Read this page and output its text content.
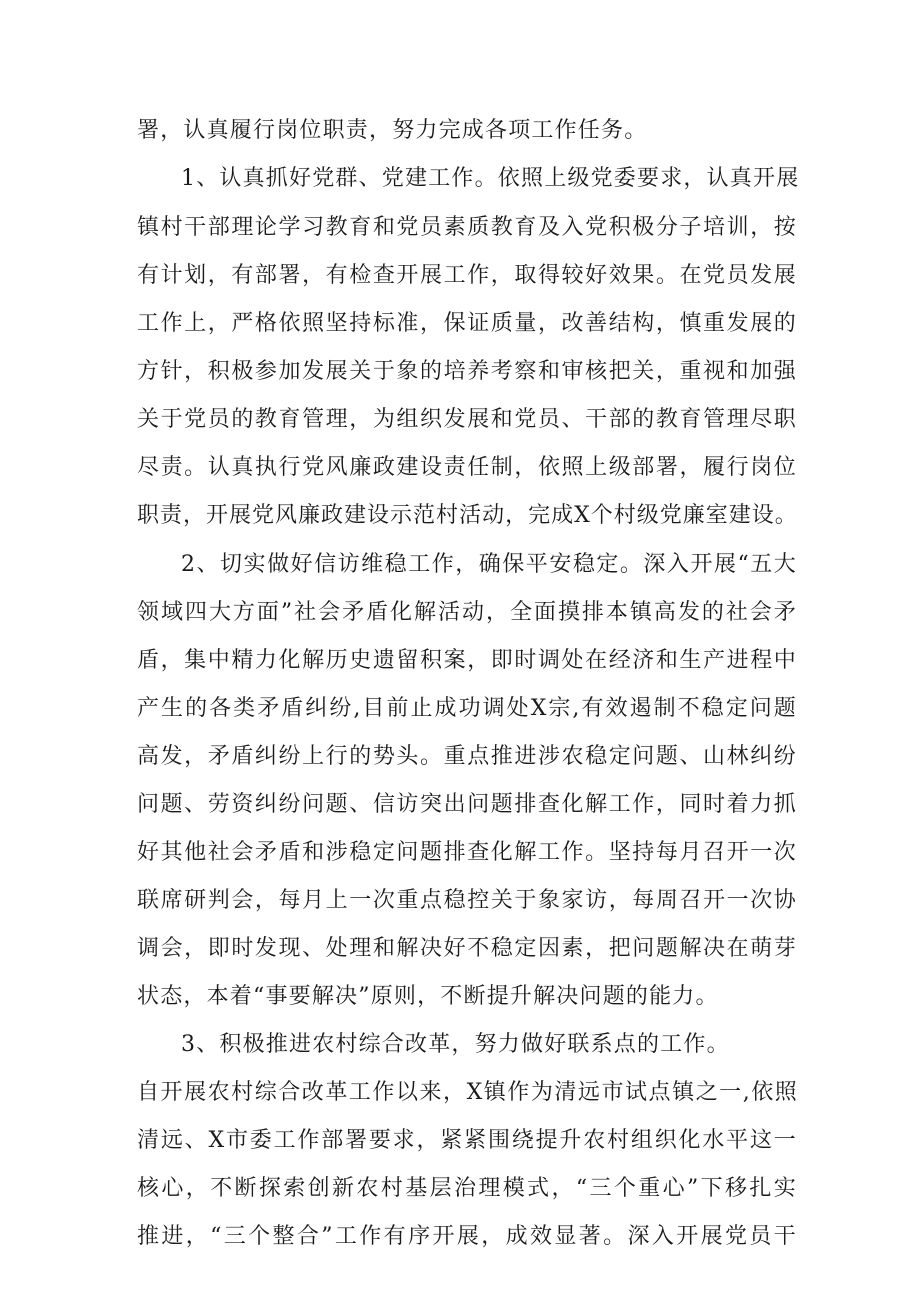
署，认真履行岗位职责，努力完成各项工作任务。
1、认真抓好党群、党建工作。依照上级党委要求，认真开展
镇村干部理论学习教育和党员素质教育及入党积极分子培训，按
有计划，有部署，有检查开展工作，取得较好效果。在党员发展
工作上，严格依照坚持标准，保证质量，改善结构，慎重发展的
方针，积极参加发展关于象的培养考察和审核把关，重视和加强
关于党员的教育管理，为组织发展和党员、干部的教育管理尽职
尽责。认真执行党风廉政建设责任制，依照上级部署，履行岗位
职责，开展党风廉政建设示范村活动，完成X个村级党廉室建设。
2、切实做好信访维稳工作，确保平安稳定。深入开展“五大
领域四大方面”社会矛盾化解活动，全面摸排本镇高发的社会矛
盾，集中精力化解历史遗留积案，即时调处在经济和生产进程中
产生的各类矛盾纠纷,目前止成功调处X宗,有效遏制不稳定问题
高发，矛盾纠纷上行的势头。重点推进涉农稳定问题、山林纠纷
问题、劳资纠纷问题、信访突出问题排查化解工作，同时着力抓
好其他社会矛盾和涉稳定问题排查化解工作。坚持每月召开一次
联席研判会，每月上一次重点稳控关于象家访，每周召开一次协
调会，即时发现、处理和解决好不稳定因素，把问题解决在萌芽
状态，本着“事要解决”原则，不断提升解决问题的能力。
3、积极推进农村综合改革，努力做好联系点的工作。
自开展农村综合改革工作以来，X镇作为清远市试点镇之一,依照
清远、X市委工作部署要求，紧紧围绕提升农村组织化水平这一
核心，不断探索创新农村基层治理模式，“三个重心”下移扎实
推进，“三个整合”工作有序开展，成效显著。深入开展党员干
